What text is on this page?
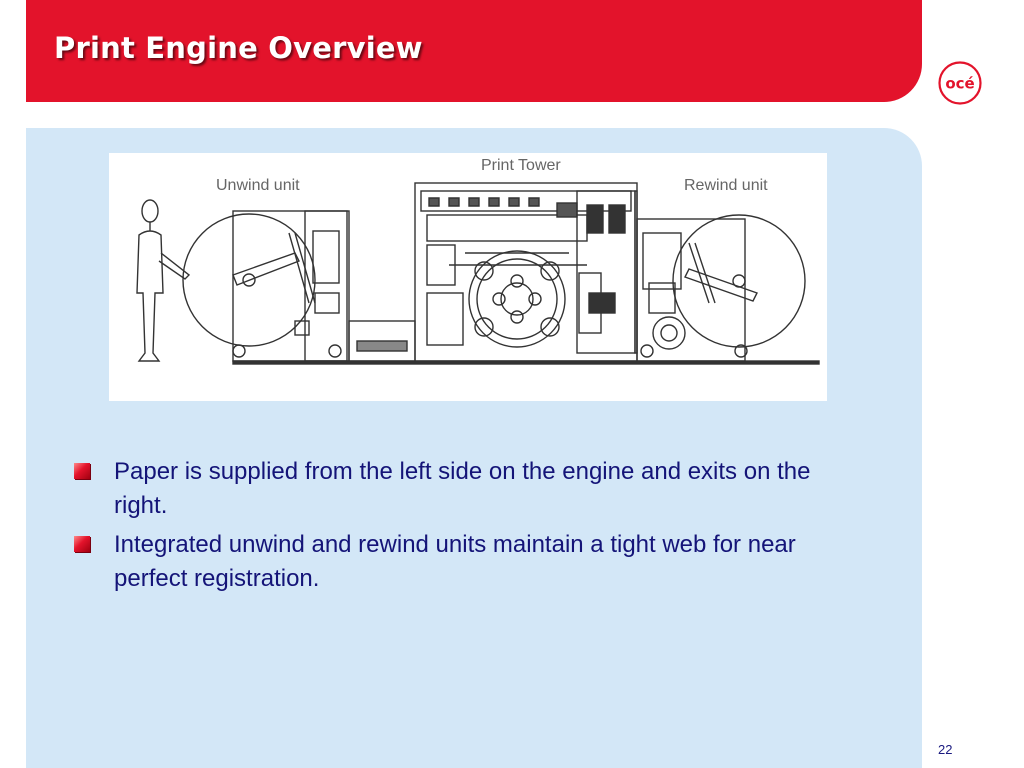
Print Engine Overview
océ
Unwind unit
Print Tower
Rewind unit
Paper is supplied from the left side on the engine and exits on the right.
Integrated unwind and rewind units maintain a tight web for near perfect registration.
22
